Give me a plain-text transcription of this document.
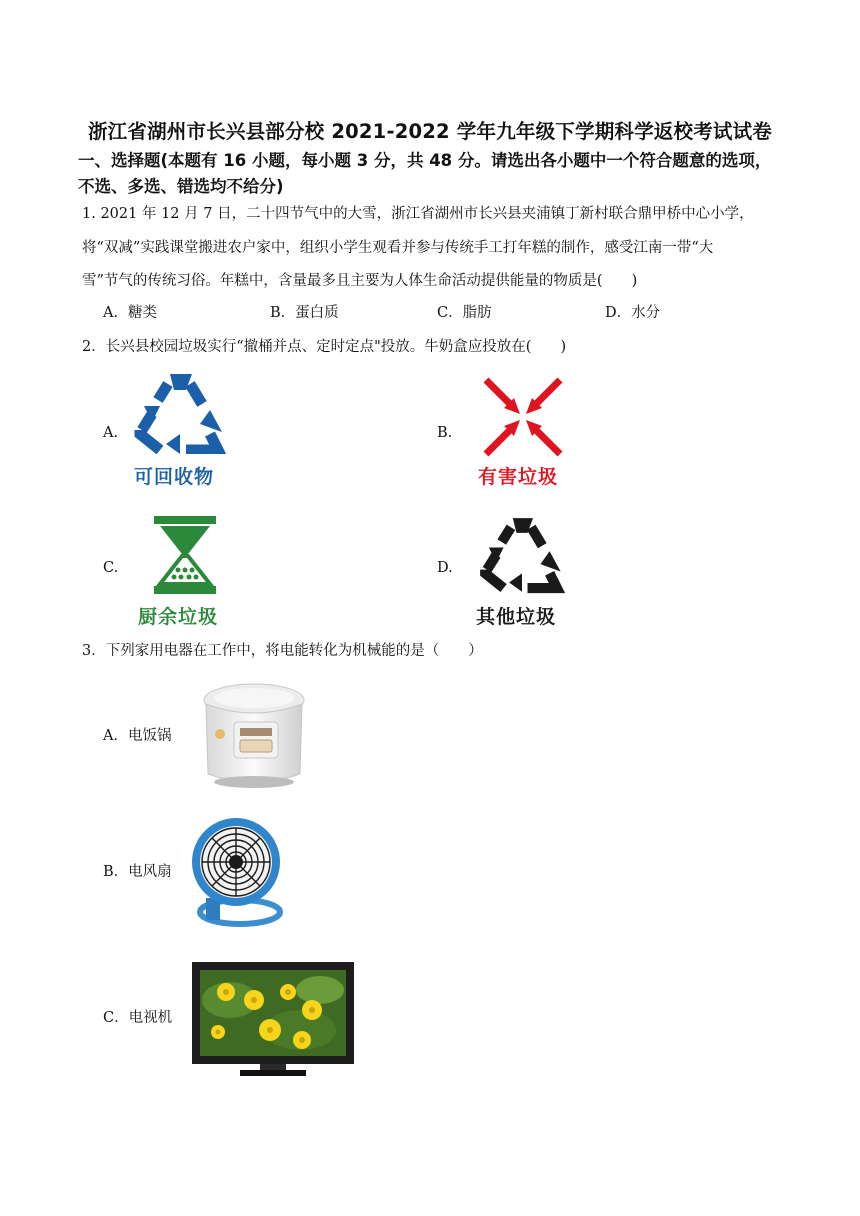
浙江省湖州市长兴县部分校 2021-2022 学年九年级下学期科学返校考试试卷
一、选择题(本题有 16 小题，每小题 3 分，共 48 分。请选出各小题中一个符合题意的选项，
不选、多选、错选均不给分)
1. 2021 年 12 月 7 日，二十四节气中的大雪，浙江省湖州市长兴县夹浦镇丁新村联合鼎甲桥中心小学，
将“双减”实践课堂搬进农户家中，组织小学生观看并参与传统手工打年糕的制作，感受江南一带“大
雪”节气的传统习俗。年糕中，含量最多且主要为人体生命活动提供能量的物质是(　　)
A．糖类	B．蛋白质	C．脂肪	D．水分
2．长兴县校园垃圾实行“撤桶并点、定时定点"投放。牛奶盒应投放在(　　)
A.
可回收物
B.
有害垃圾
C.
厨余垃圾
D.
其他垃圾
3．下列家用电器在工作中，将电能转化为机械能的是（　　）
A．电饭锅
B．电风扇
C．电视机
